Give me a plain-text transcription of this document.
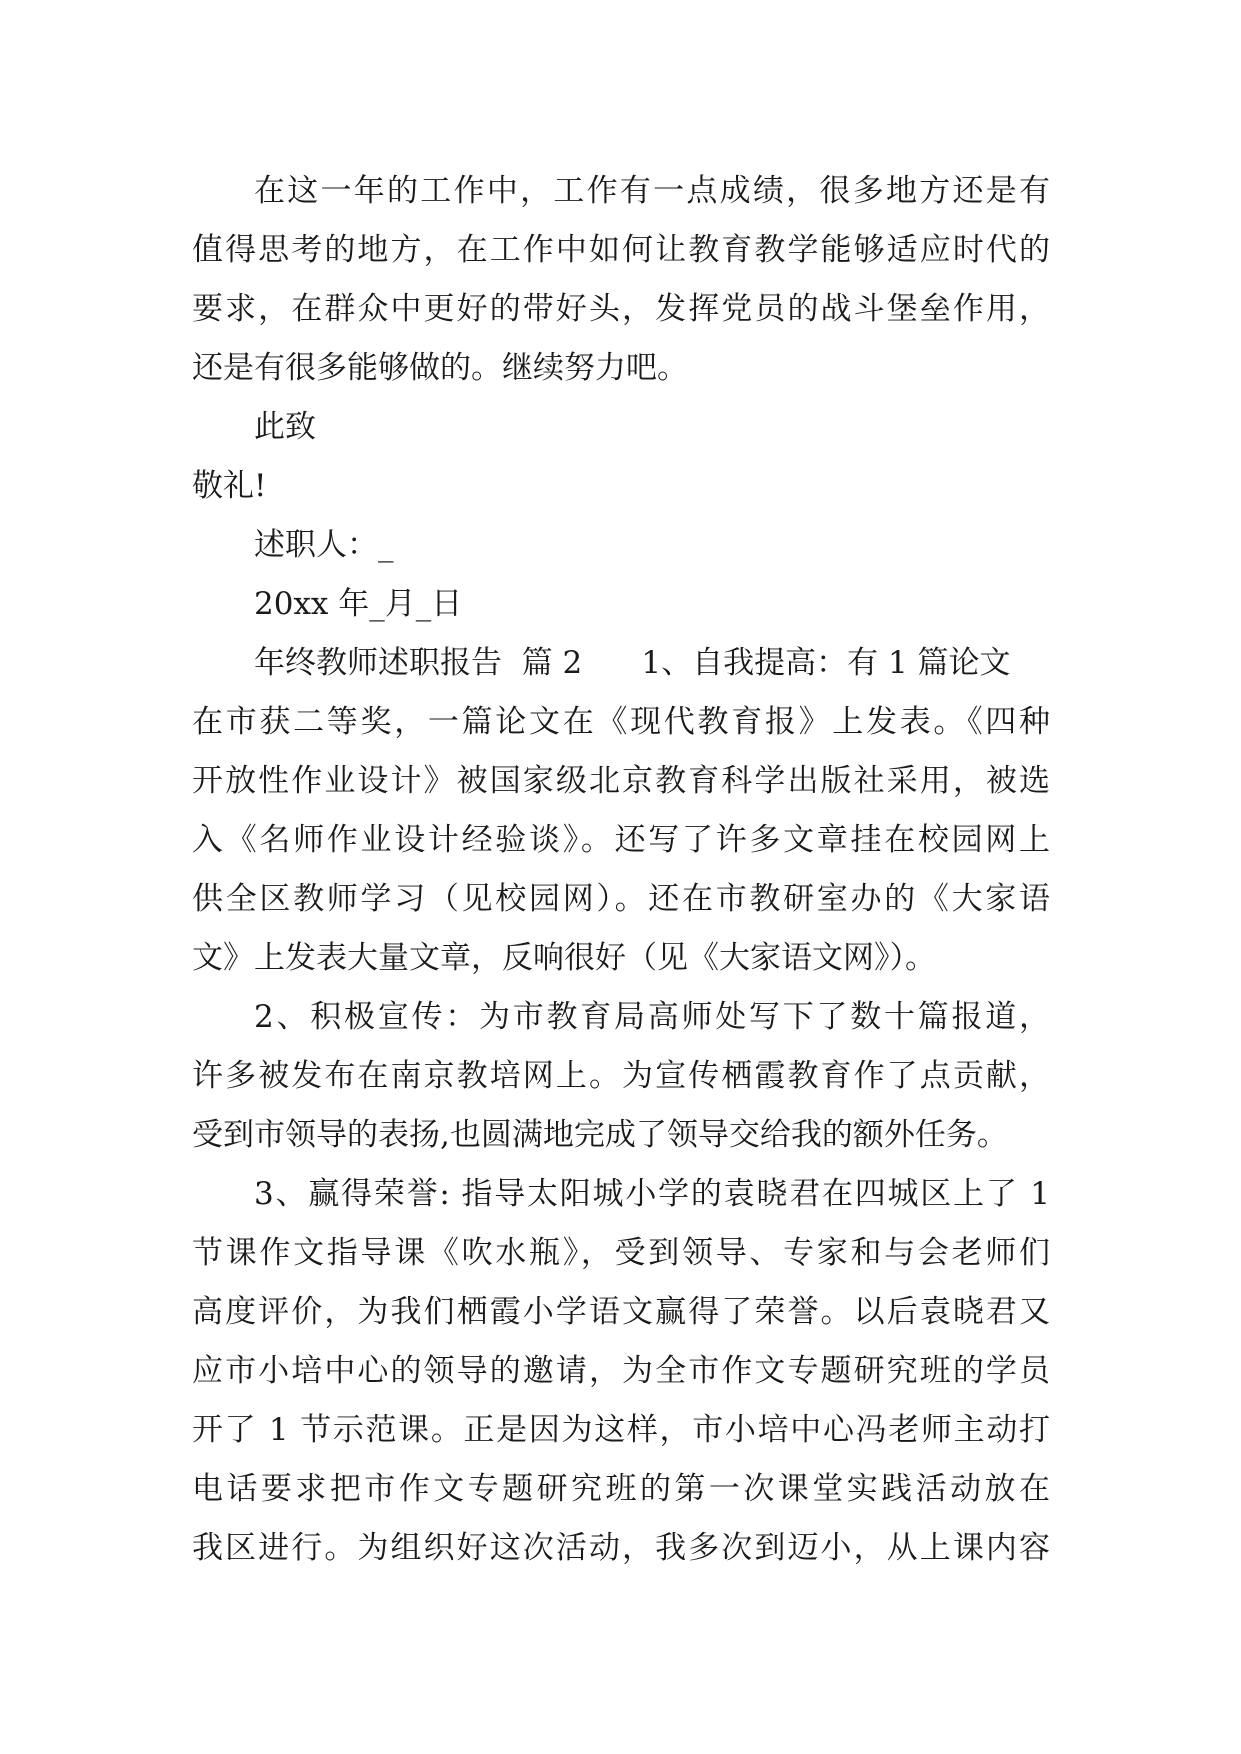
在这一年的工作中，工作有一点成绩，很多地方还是有
值得思考的地方，在工作中如何让教育教学能够适应时代的
要求，在群众中更好的带好头，发挥党员的战斗堡垒作用，
还是有很多能够做的。继续努力吧。
此致
敬礼!
述职人：_
20xx 年_月_日
年终教师述职报告  篇 2      1、自我提高：有 1 篇论文
在市获二等奖，一篇论文在《现代教育报》上发表。《四种
开放性作业设计》被国家级北京教育科学出版社采用，被选
入《名师作业设计经验谈》。还写了许多文章挂在校园网上
供全区教师学习（见校园网）。还在市教研室办的《大家语
文》上发表大量文章，反响很好（见《大家语文网》）。
2、积极宣传：为市教育局高师处写下了数十篇报道，
许多被发布在南京教培网上。为宣传栖霞教育作了点贡献，
受到市领导的表扬,也圆满地完成了领导交给我的额外任务。
3、赢得荣誉: 指导太阳城小学的袁晓君在四城区上了 1
节课作文指导课《吹水瓶》，受到领导、专家和与会老师们
高度评价，为我们栖霞小学语文赢得了荣誉。以后袁晓君又
应市小培中心的领导的邀请，为全市作文专题研究班的学员
开了 1 节示范课。正是因为这样，市小培中心冯老师主动打
电话要求把市作文专题研究班的第一次课堂实践活动放在
我区进行。为组织好这次活动，我多次到迈小，从上课内容
